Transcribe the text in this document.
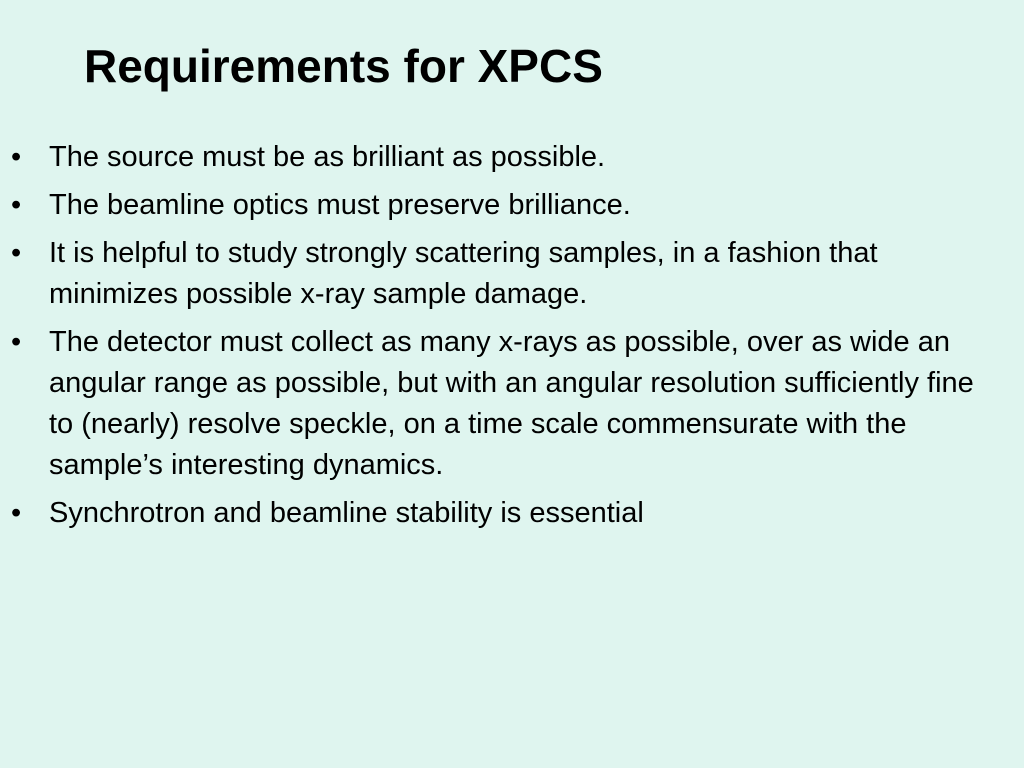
Requirements for XPCS
• The source must be as brilliant as possible.
• The beamline optics must preserve brilliance.
• It is helpful to study strongly scattering samples, in a fashion that minimizes possible x-ray sample damage.
• The detector must collect as many x-rays as possible, over as wide an angular range as possible, but with an angular resolution sufficiently fine to (nearly) resolve speckle, on a time scale commensurate with the sample’s interesting dynamics.
• Synchrotron and beamline stability is essential
